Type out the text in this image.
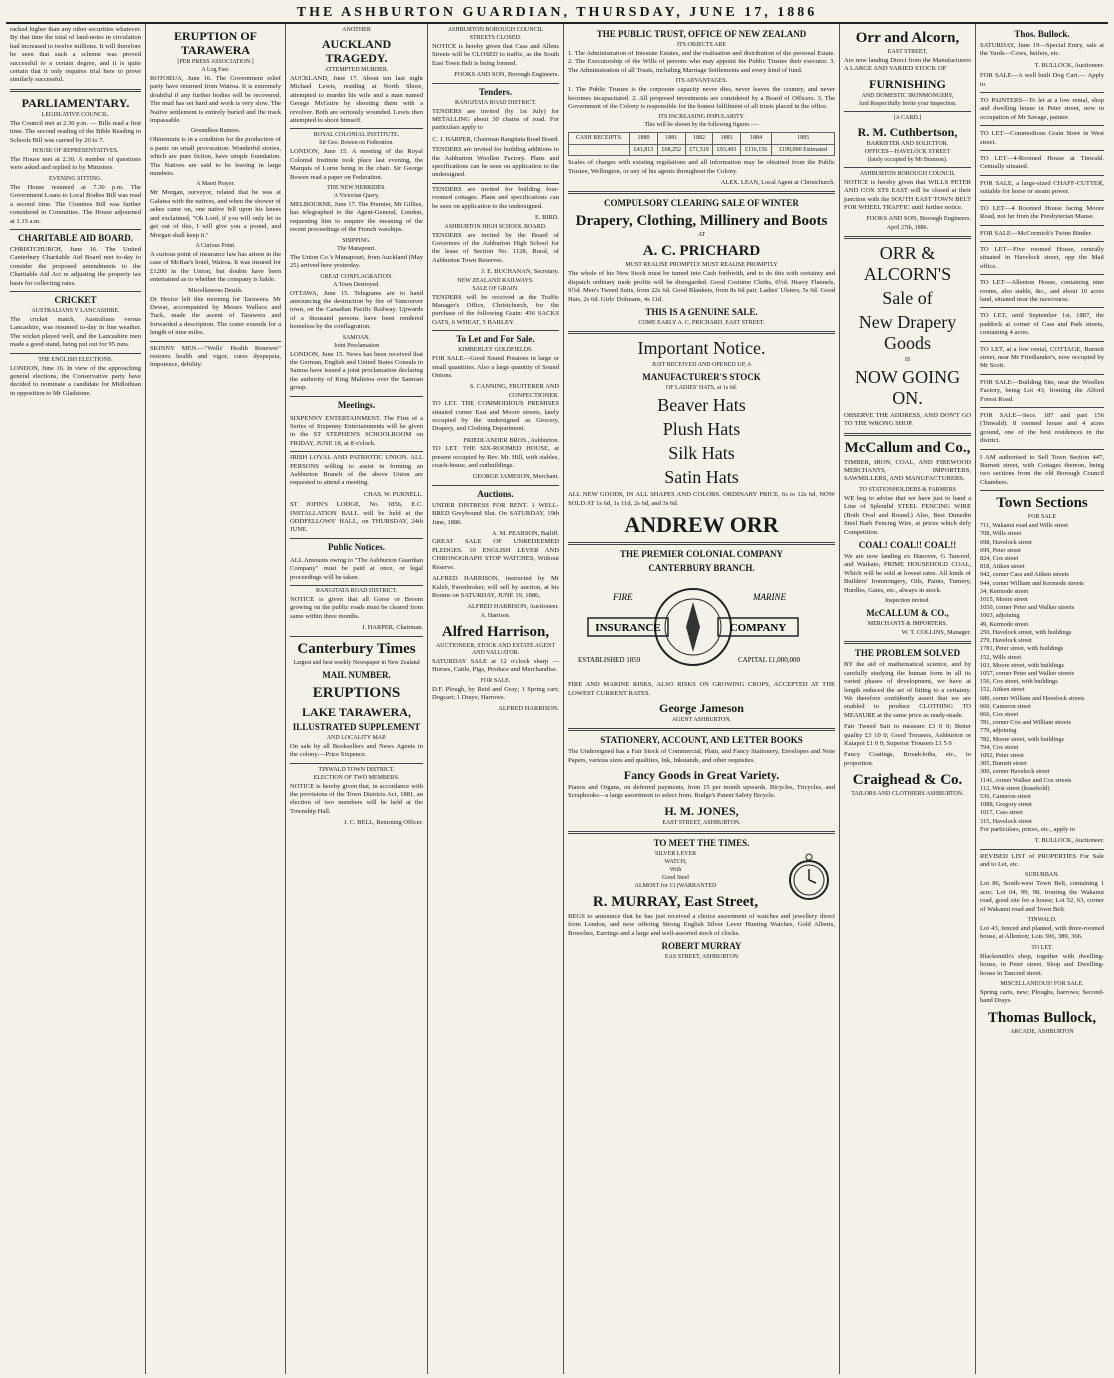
THE ASHBURTON GUARDIAN, THURSDAY, JUNE 17, 1886

racked higher than any other securities whatever. By that time the total of land-notes in circulation had increased to twelve millions. It will therefore be seen that such a scheme was proved successful to a certain degree, and it is quite certain that it only requires trial here to prove similarly successful.

PARLIAMENTARY.
LEGISLATIVE COUNCIL.

The Council met at 2.30 p.m. — Bills read a first time. The second reading of the Bible Reading in Schools Bill was carried by 20 to 7.

HOUSE OF REPRESENTATIVES.

The House met at 2.30. A number of questions were asked and replied to by Ministers.

EVENING SITTING.

The House resumed at 7.30 p.m. The Government Loans to Local Bodies Bill was read a second time. The Counties Bill was further considered in Committee. The House adjourned at 1.15 a.m.

CHARITABLE AID BOARD.

CHRISTCHURCH, June 16. The United Canterbury Charitable Aid Board met to-day to consider the proposed amendments to the Charitable Aid Act re adjusting the property tax basis for collecting rates.

CRICKET
AUSTRALIANS V LANCASHIRE.

The cricket match, Australians versus Lancashire, was resumed to-day in fine weather. The wicket played well, and the Lancashire men made a good stand, being put out for 95 runs.

THE ENGLISH ELECTIONS.

LONDON, June 16. In view of the approaching general elections, the Conservative party have decided to nominate a candidate for Midlothian in opposition to Mr Gladstone.

ERUPTION OF TARAWERA
[PER PRESS ASSOCIATION.]
A Log Fast.

ROTORUA, June 16. The Government relief party have returned from Wairoa. It is extremely doubtful if any further bodies will be recovered. The mud has set hard and work is very slow. The Native settlement is entirely buried and the track impassable.

Groundless Rumors.

Ohinemutu is in a condition for the production of a panic on small provocation. Wonderful stories, which are pure fiction, have simple foundation. The Natives are said to be leaving in large numbers.

A Maori Prayer.

Mr Morgan, surveyor, related that he was at Galatea with the natives, and when the shower of ashes came on, one native fell upon his knees and exclaimed, "Oh Lord, if you will only let us get out of this, I will give you a pound, and Morgan shall keep it."

A Curious Point.

A curious point of insurance law has arisen in the case of McRae's hotel, Wairoa. It was insured for £1200 in the Union, but doubts have been entertained as to whether the company is liable.

Miscellaneous Details.

Dr Hector left this morning for Tarawera. Mr Dewar, accompanied by Messrs Wallace and Tuck, made the ascent of Tarawera and forwarded a description. The crater extends for a length of nine miles.

SKINNY MEN.—"Wells' Health Renewer" restores health and vigor, cures dyspepsia, impotence, debility.

ANOTHER
AUCKLAND TRAGEDY.
ATTEMPTED MURDER.

AUCKLAND, June 17. About ten last night Michael Lewis, residing at North Shore, attempted to murder his wife and a man named George McGuire by shooting them with a revolver. Both are seriously wounded. Lewis then attempted to shoot himself.

ROYAL COLONIAL INSTITUTE.
Sir Geo. Bowen on Federation.

LONDON, June 15. A meeting of the Royal Colonial Institute took place last evening, the Marquis of Lorne being in the chair. Sir George Bowen read a paper on Federation.

THE NEW HEBRIDES.
A Victorian Query.

MELBOURNE, June 17. The Premier, Mr Gillies, has telegraphed to the Agent-General, London, requesting him to enquire the meaning of the recent proceedings of the French warships.

SHIPPING.
The Manapouri.

The Union Co.'s Manapouri, from Auckland (May 25) arrived here yesterday.

GREAT CONFLAGRATION.
A Town Destroyed.

OTTAWA, June 15. Telegrams are to hand announcing the destruction by fire of Vancouver town, on the Canadian Pacific Railway. Upwards of a thousand persons have been rendered homeless by the conflagration.

SAMOAN.
Joint Proclamation

LONDON, June 15. News has been received that the German, English and United States Consuls in Samoa have issued a joint proclamation declaring the authority of King Malietoa over the Samoan group.

Meetings.

SIXPENNY ENTERTAINMENT. The First of a Series of Sixpenny Entertainments will be given in the ST STEPHEN'S SCHOOLROOM on FRIDAY, JUNE 18, at 8 o'clock.

IRISH LOYAL AND PATRIOTIC UNION. ALL PERSONS willing to assist in forming an Ashburton Branch of the above Union are requested to attend a meeting.

CHAS. W. PURNELL.

ST JOHN'S LODGE, No. 1856, E.C. INSTALLATION BALL will be held at the ODDFELLOWS' HALL, on THURSDAY, 24th JUNE.

Public Notices.

ALL Amounts owing to "The Ashburton Guardian Company" must be paid at once, or legal proceedings will be taken.

RANGITATA ROAD DISTRICT.

NOTICE is given that all Gorse or Broom growing on the public roads must be cleared from same within three months.

J. HARPER, Chairman.
Canterbury Times
Largest and best weekly Newspaper in New Zealand
MAIL NUMBER.
ERUPTIONS
LAKE TARAWERA,
ILLUSTRATED SUPPLEMENT
AND LOCALITY MAP.

On sale by all Booksellers and News Agents in the colony.—Price Sixpence.

TINWALD TOWN DISTRICT.
ELECTION OF TWO MEMBERS.

NOTICE is hereby given that, in accordance with the provisions of the Town Districts Act, 1881, an election of two members will be held at the Township Hall.

J. C. BELL, Returning Officer.
ASHBURTON BOROUGH COUNCIL
STREETS CLOSED.

NOTICE is hereby given that Cass and Allens Streets will be CLOSED to traffic, as the South East Town Belt is being formed.

FOOKS AND SON, Borough Engineers.
Tenders.
RANGITATA ROAD DISTRICT.

TENDERS are invited (by 1st July) for METALLING about 30 chains of road. For particulars apply to

C. J. HARPER, Chairman Rangitata Road Board.

TENDERS are invited for building additions to the Ashburton Woollen Factory. Plans and specifications can be seen on application to the undersigned.

TENDERS are invited for building four-roomed cottages. Plans and specifications can be seen on application to the undersigned.

E. BIRD.
ASHBURTON HIGH SCHOOL BOARD.

TENDERS are invited by the Board of Governors of the Ashburton High School for the lease of Section No. 1128, Rural, of Ashburton Town Reserves.

J. E. BUCHANAN, Secretary.
NEW ZEALAND RAILWAYS.
SALE OF GRAIN.

TENDERS will be received at the Traffic Manager's Office, Christchurch, for the purchase of the following Grain: 456 SACKS OATS, 6 WHEAT, 5 BARLEY.

To Let and For Sale.
KIMBERLEY GOLDFIELDS.

FOR SALE—Good Sound Potatoes in large or small quantities. Also a large quantity of Sound Onions.

S. CANNING, FRUITERER AND CONFECTIONER.

TO LET. THE COMMODIOUS PREMISES situated corner East and Moore streets, lately occupied by the undersigned as Grocery, Drapery, and Clothing Department.

FRIEDLANDER BROS., Ashburton.

TO LET. THE SIX-ROOMED HOUSE, at present occupied by Rev. Mr. Hill, with stables, coach-house, and outbuildings.

GEORGE JAMESON, Merchant.
Auctions.

UNDER DISTRESS FOR RENT. 1 WELL-BRED Greyhound Slut. On SATURDAY, 19th June, 1886.

A. M. PEARSON, Bailiff.

GREAT SALE OF UNREDEEMED PLEDGES. 10 ENGLISH LEVER AND CHRONOGRAPH STOP WATCHES, Without Reserve.

ALFRED HARRISON, instructed by Mr Kaleb, Pawnbroker, will sell by auction, at his Rooms on SATURDAY, JUNE 19, 1886,

ALFRED HARRISON, Auctioneer.
A. Harrison.
Alfred Harrison,
AUCTIONEER, STOCK AND ESTATE AGENT AND VALUATOR.

SATURDAY SALE at 12 o'clock sharp — Horses, Cattle, Pigs, Produce and Merchandise.

FOR SALE.

D.F. Plough, by Reid and Gray; 1 Spring cart; Dogcart; 1 Drays; Harrows.

ALFRED HARRISON.
THE PUBLIC TRUST, OFFICE OF NEW ZEALAND
ITS OBJECTS ARE

1. The Administration of Intestate Estates, and the realisation and distribution of the personal Estate. 2. The Executorship of the Wills of persons who may appoint the Public Trustee their executor. 3. The Administration of all Trusts, including Marriage Settlements and every kind of fund.

ITS ADVANTAGES.

1. The Public Trustee is the corporate capacity never dies, never leaves the country, and never becomes incapacitated. 2. All proposed investments are considered by a Board of Officers. 3. The Government of the Colony is responsible for the honest fulfilment of all trusts placed in the office.

ITS INCREASING POPULARITY.
This will be shown by the following figures :—
CASH RECEIPTS.	1880	1881	1882	1883	1884	1885
	£41,813	£68,252	£71,519	£93,493	£116,156	£199,000 Estimated

Scales of charges with existing regulations and all information may be obtained from the Public Trustee, Wellington, or any of his agents throughout the Colony.

ALEX. LEAN, Local Agent at Christchurch.
COMPULSORY CLEARING SALE OF WINTER
Drapery, Clothing, Millinery and Boots
AT
A. C. PRICHARD
MUST REALISE PROMPTLY MUST REALISE PROMPTLY

The whole of his New Stock must be turned into Cash forthwith, and to do this with certainty and dispatch ordinary trade profits will be disregarded. Good Costume Cloths, 6½d. Heavy Flannels, 9½d. Men's Tweed Suits, from 22s 6d. Good Blankets, from 8s 6d pair. Ladies' Ulsters, 5s 6d. Good Hats, 2s 6d. Girls' Dolmans, 4s 11d.

THIS IS A GENUINE SALE.
COME EARLY A. C. PRICHARD, EAST STREET.
Important Notice.
JUST RECEIVED AND OPENED UP, A
MANUFACTURER'S STOCK
OF LADIES' HATS, at 1s 6d.
Beaver Hats
Plush Hats
Silk Hats
Satin Hats

ALL NEW GOODS, IN ALL SHAPES AND COLORS. ORDINARY PRICE, 6s to 12s 6d, NOW SOLD AT 1s 6d, 1s 11d, 2s 6d, and 3s 6d.

ANDREW ORR
THE PREMIER COLONIAL COMPANY
CANTERBURY BRANCH.
INSURANCE	COMPANY
FIRE	MARINE
ESTABLISHED 1859	CAPITAL £1,000,000

FIRE AND MARINE RISKS, ALSO RISKS ON GROWING CROPS, ACCEPTED AT THE LOWEST CURRENT RATES.

George Jameson
AGENT ASHBURTON.
STATIONERY, ACCOUNT, AND LETTER BOOKS

The Undersigned has a Fair Stock of Commercial, Plain, and Fancy Stationery, Envelopes and Note Papers, various sizes and qualities, Ink, Inkstands, and other requisites.

Fancy Goods in Great Variety.

Pianos and Organs, on deferred payments, from 15 per month upwards. Bicycles, Tricycles, and Scrapbooks—a large assortment to select from. Rudge's Patent Safety Bicycle.

H. M. JONES,
EAST STREET, ASHBURTON.
TO MEET THE TIMES.
SILVER LEVER
WATCH,
With
Good Steel
ALMOST for 13 (WARRANTED
R. MURRAY, East Street,

BEGS to announce that he has just received a choice assortment of watches and jewellery direct from London, and now offering Strong English Silver Lever Hunting Watches, Gold Alberts, Brooches, Earrings and a large and well-assorted stock of clocks.

ROBERT MURRAY
EAS STREET, ASHBURTON
Orr and Alcorn,
EAST STREET,

Are now landing Direct from the Manufacturers A LARGE AND VARIED STOCK OF

FURNISHING
AND DOMESTIC IRONMONGERY,
And Respectfully Invite your Inspection.
[A CARD.]
R. M. Cuthbertson,
BARRISTER AND SOLICITOR.
OFFICES—HAVELOCK STREET
(lately occupied by Mr Branson).
ASHBURTON BOROUGH COUNCIL

NOTICE is hereby given that WILLS PETER AND COX STS EAST will be closed at their junction with the SOUTH EAST TOWN BELT FOR WHEEL TRAFFIC until further notice.

FOOKS AND SON, Borough Engineers.
April 27th, 1886.
ORR & ALCORN'S
Sale of
New Drapery Goods
IS
NOW GOING ON.

OBSERVE THE ADDRESS, AND DON'T GO TO THE WRONG SHOP.

McCallum and Co.,

TIMBER, IRON, COAL, AND FIREWOOD MERCHANTS, IMPORTERS, SAWMILLERS, AND MANUFACTURERS.

TO STATIONHOLDERS & FARMERS

WE beg to advise that we have just to hand a Line of Splendid STEEL FENCING WIRE (Both Oval and Round.) Also, Best Dunedin Steel Barb Fencing Wire, at prices which defy Competition.

COAL! COAL!! COAL!!

We are now landing ex Hanover, G Tancred, and Waikato, PRIME HOUSEHOLD COAL, Which will be sold at lowest rates. All kinds of Builders' Ironmongery, Oils, Paints, Turnery, Hurdles, Gates, etc., always in stock.

Inspection invited.
McCALLUM & CO.,
MERCHANTS & IMPORTERS.
W. T. COLLINS, Manager.
THE PROBLEM SOLVED

BY the aid of mathematical science, and by carefully studying the human form in all its varied phases of development, we have at length reduced the art of fitting to a certainty. We therefore confidently assert that we are enabled to produce CLOTHING TO MEASURE at the same price as ready-made.

Fair Tweed Suit to measure £3 0 0; Better quality £3 10 0; Good Trousers, Ashburton or Kaiapoi £1 0 0; Superior Trousers £1 5 0

Fancy Coatings, Broadcloths, etc., to proportion.

Craighead & Co.
TAILORS AND CLOTHIERS ASHBURTON.
Thos. Bullock.

SATURDAY, June 19—Special Entry, sale at the Yards—Cows, heifers, etc.

T. BULLOCK, Auctioneer.

FOR SALE—A well built Dog Cart.— Apply to

TO PAINTERS—To let at a low rental, shop and dwelling house in Peter street, now in occupation of Mr Savage, painter.

TO LET—Commodious Grain Store in West street.

TO LET—4-Roomed House at Tinwald. Centrally situated.

FOR SALE, a large-sized CHAFF-CUTTER, suitable for horse or steam power.

TO LET—4 Roomed House facing Moore Road, not far from the Presbyterian Manse.

FOR SALE—McCormick's Twine Binder.

TO LET—Five roomed House, centrally situated in Havelock street, opp the Mail office.

TO LET—Allenton House, containing nine rooms, also stable, &c., and about 10 acres land, situated near the racecourse.

TO LET, until September 1st, 1887, the paddock at corner of Cass and Park streets, containing 4 acres.

TO LET, at a low rental, COTTAGE, Burnett street, near Mr Friedlander's, now occupied by Mr Scott.

FOR SALE—Building Site, near the Woollen Factory, being Lot 43, fronting the Alford Forest Road.

FOR SALE—Secs. 187 and part 156 (Tinwald). 8 roomed house and 4 acres ground, one of the best residences in the district.

I AM authorised to Sell Town Section 447, Burnett street, with Cottages thereon, being two sections from the old Borough Council Chambers.

Town Sections
FOR SALE
711, Wakanui road and Wills street
708, Wills street
698, Havelock street
699, Peter street
824, Cox street
818, Aitken street
942, corner Cass and Aitken streets
944, corner William and Kermode streets
34, Kermode street
1015, Moore street
1050, corner Peter and Walker streets
1063, adjoining
49, Kermode street
250, Havelock street, with buildings
279, Havelock street
1781, Peter street, with buildings
152, Wills street
103, Moore street, with buildings
1057, corner Peter and Walker streets
156, Cox street, with buildings
152, Aitken street
680, corner William and Havelock streets
660, Cameron street
666, Cox street
781, corner Cox and William streets
779, adjoining
782, Moore street, with buildings
794, Cox street
1092, Peter street
305, Burnett street
300, corner Havelock street
1141, corner Walker and Cox streets
112, West street (leasehold)
536, Cameron street
1088, Gregory street
1017, Cass street
315, Havelock street

For particulars, prices, etc., apply to

T. BULLOCK, Auctioneer.

REVISED LIST of PROPERTIES For Sale and to Let, etc.

SUBURBAN.

Lot 86, South-west Town Belt, containing 1 acre; Lot 04, 99, 98, fronting the Wakanui road, good site for a house; Lot 52, 63, corner of Wakanui road and Town Belt.

TINWALD.

Lot 43, fenced and planted, with three-roomed house, at Allenton; Lots 306, 389, 366.

TO LET.

Blacksmith's shop, together with dwelling-house, in Peter street. Shop and Dwelling-house in Tancred street.

MISCELLANEOUS! FOR SALE.

Spring carts, new; Ploughs, harrows; Second-hand Drays.

Thomas Bullock,
ARCADE, ASHBURTON
